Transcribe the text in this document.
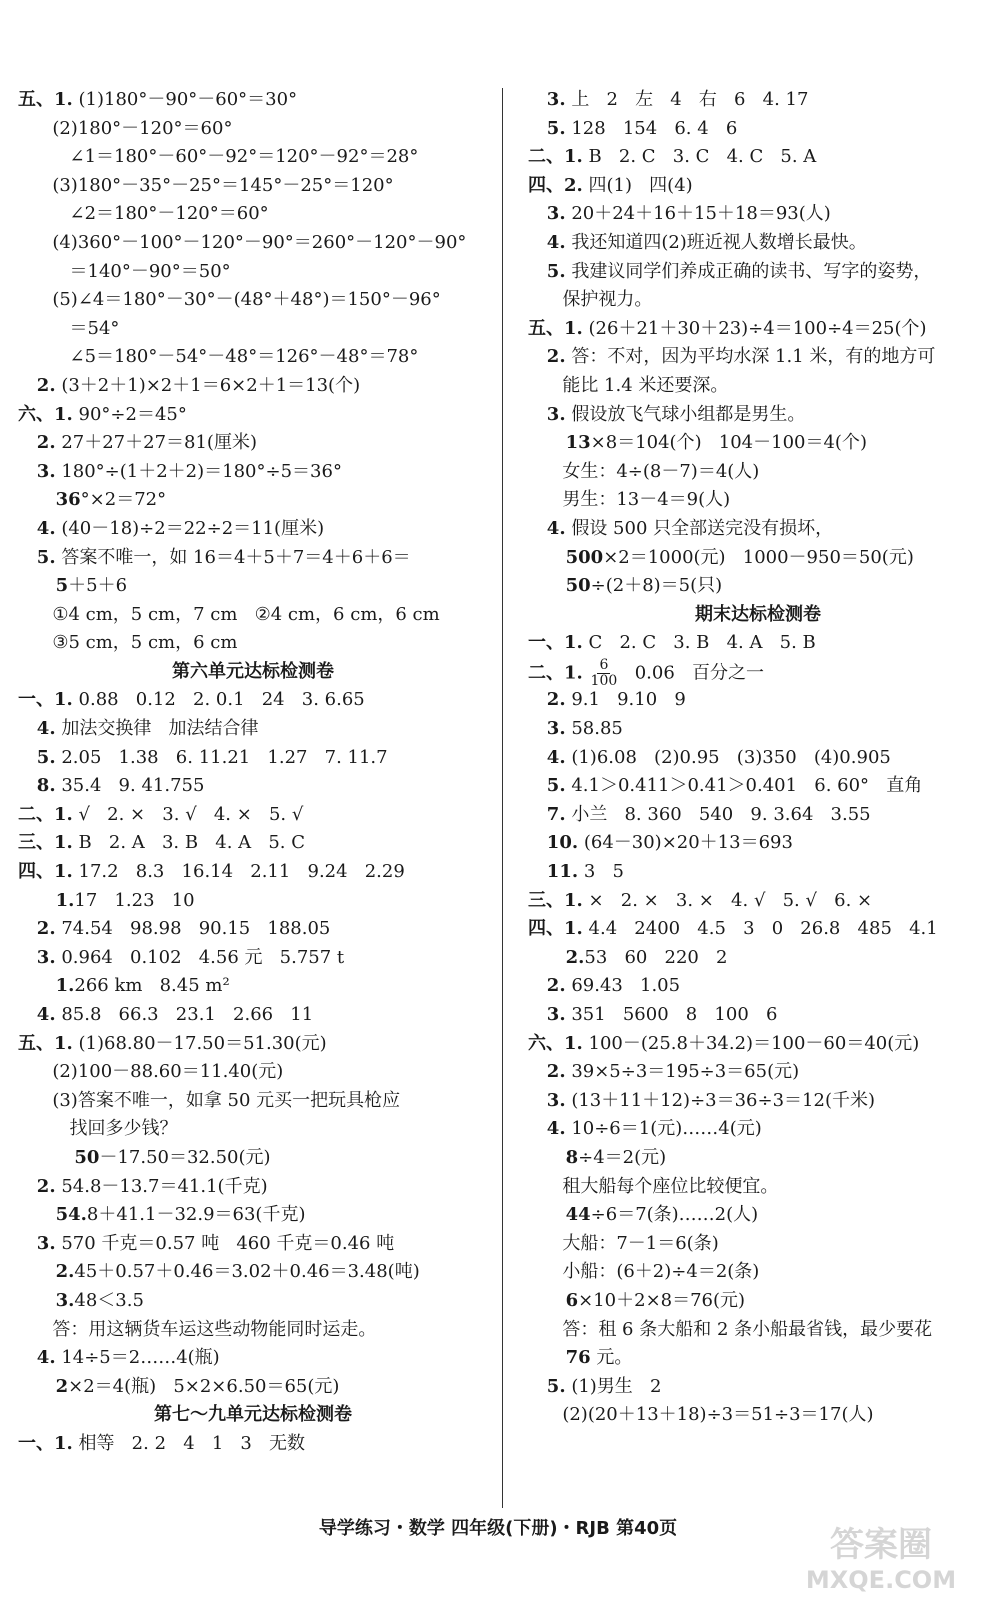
五、1. (1)180°－90°－60°＝30°
(2)180°－120°＝60°
∠1＝180°－60°－92°＝120°－92°＝28°
(3)180°－35°－25°＝145°－25°＝120°
∠2＝180°－120°＝60°
(4)360°－100°－120°－90°＝260°－120°－90°
＝140°－90°＝50°
(5)∠4＝180°－30°－(48°＋48°)＝150°－96°
＝54°
∠5＝180°－54°－48°＝126°－48°＝78°
2. (3＋2＋1)×2＋1＝6×2＋1＝13(个)
六、1. 90°÷2＝45°
2. 27＋27＋27＝81(厘米)
3. 180°÷(1＋2＋2)＝180°÷5＝36°
36°×2＝72°
4. (40－18)÷2＝22÷2＝11(厘米)
5. 答案不唯一，如 16＝4＋5＋7＝4＋6＋6＝
5＋5＋6
①4 cm，5 cm，7 cm   ②4 cm，6 cm，6 cm
③5 cm，5 cm，6 cm
第六单元达标检测卷
一、1. 0.88   0.12   2. 0.1   24   3. 6.65
4. 加法交换律   加法结合律
5. 2.05   1.38   6. 11.21   1.27   7. 11.7
8. 35.4   9. 41.755
二、1. √   2. ×   3. √   4. ×   5. √
三、1. B   2. A   3. B   4. A   5. C
四、1. 17.2   8.3   16.14   2.11   9.24   2.29
1.17   1.23   10
2. 74.54   98.98   90.15   188.05
3. 0.964   0.102   4.56 元   5.757 t
1.266 km   8.45 m²
4. 85.8   66.3   23.1   2.66   11
五、1. (1)68.80－17.50＝51.30(元)
(2)100－88.60＝11.40(元)
(3)答案不唯一，如拿 50 元买一把玩具枪应
找回多少钱？
50－17.50＝32.50(元)
2. 54.8－13.7＝41.1(千克)
54.8＋41.1－32.9＝63(千克)
3. 570 千克＝0.57 吨   460 千克＝0.46 吨
2.45＋0.57＋0.46＝3.02＋0.46＝3.48(吨)
3.48＜3.5
答：用这辆货车运这些动物能同时运走。
4. 14÷5＝2……4(瓶)
2×2＝4(瓶)   5×2×6.50＝65(元)
第七～九单元达标检测卷
一、1. 相等   2. 2   4   1   3   无数
3. 上   2   左   4   右   6   4. 17
5. 128   154   6. 4   6
二、1. B   2. C   3. C   4. C   5. A
四、2. 四(1)   四(4)
3. 20＋24＋16＋15＋18＝93(人)
4. 我还知道四(2)班近视人数增长最快。
5. 我建议同学们养成正确的读书、写字的姿势，
保护视力。
五、1. (26＋21＋30＋23)÷4＝100÷4＝25(个)
2. 答：不对，因为平均水深 1.1 米，有的地方可
能比 1.4 米还要深。
3. 假设放飞气球小组都是男生。
13×8＝104(个)   104－100＝4(个)
女生：4÷(8－7)＝4(人)
男生：13－4＝9(人)
4. 假设 500 只全部送完没有损坏，
500×2＝1000(元)   1000－950＝50(元)
50÷(2＋8)＝5(只)
期末达标检测卷
一、1. C   2. C   3. B   4. A   5. B
二、1. $\frac{6}{100} 0.06$   百分之一
2. 9.1   9.10   9
3. 58.85
4. (1)6.08   (2)0.95   (3)350   (4)0.905
5. 4.1＞0.411＞0.41＞0.401   6. 60°   直角
7. 小兰   8. 360   540   9. 3.64   3.55
10. (64－30)×20＋13＝693
11. 3   5
三、1. ×   2. ×   3. ×   4. √   5. √   6. ×
四、1. 4.4   2400   4.5   3   0   26.8   485   4.1
2.53   60   220   2
2. 69.43   1.05
3. 351   5600   8   100   6
六、1. 100－(25.8＋34.2)＝100－60＝40(元)
2. 39×5÷3＝195÷3＝65(元)
3. (13＋11＋12)÷3＝36÷3＝12(千米)
4. 10÷6＝1(元)……4(元)
8÷4＝2(元)
租大船每个座位比较便宜。
44÷6＝7(条)……2(人)
大船：7－1＝6(条)
小船：(6＋2)÷4＝2(条)
6×10＋2×8＝76(元)
答：租 6 条大船和 2 条小船最省钱，最少要花
76 元。
5. (1)男生   2
(2)(20＋13＋18)÷3＝51÷3＝17(人)
导学练习・数学 四年级(下册)・RJB 第40页	答案圈
MXQE.COM
